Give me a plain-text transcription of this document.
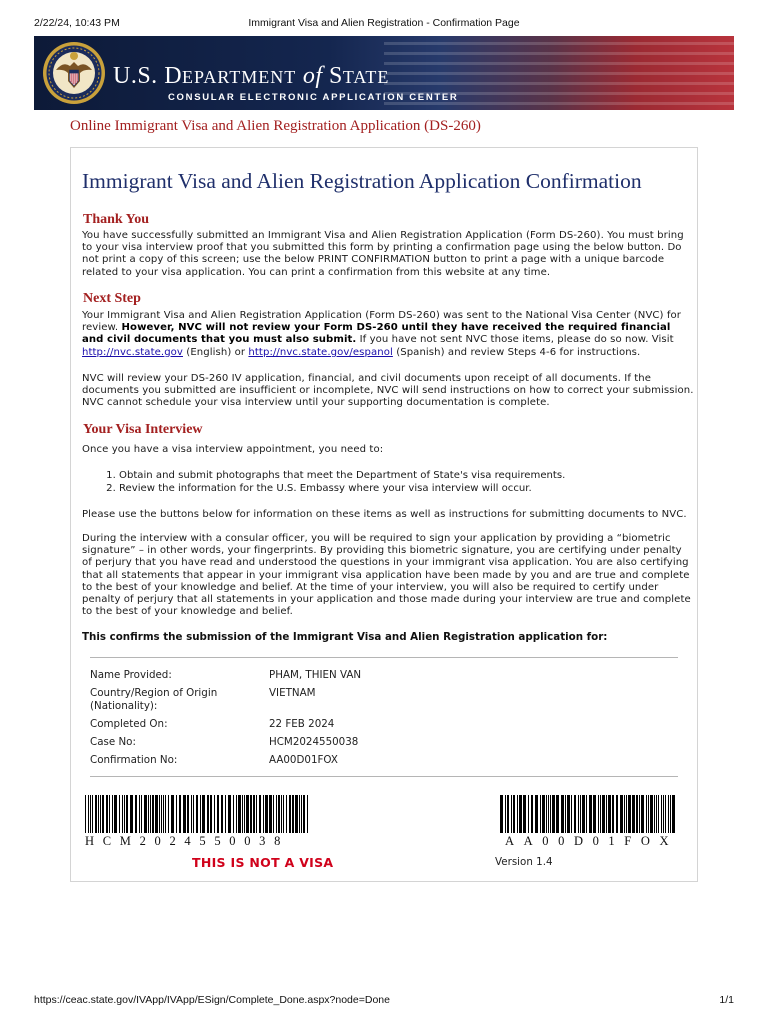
2/22/24, 10:43 PM	Immigrant Visa and Alien Registration - Confirmation Page
U.S. DEPARTMENT of STATE
CONSULAR ELECTRONIC APPLICATION CENTER
Online Immigrant Visa and Alien Registration Application (DS-260)
Immigrant Visa and Alien Registration Application Confirmation
Thank You
You have successfully submitted an Immigrant Visa and Alien Registration Application (Form DS-260). You must bring to your visa interview proof that you submitted this form by printing a confirmation page using the below button. Do not print a copy of this screen; use the below PRINT CONFIRMATION button to print a page with a unique barcode related to your visa application. You can print a confirmation from this website at any time.
Next Step
Your Immigrant Visa and Alien Registration Application (Form DS-260) was sent to the National Visa Center (NVC) for review. However, NVC will not review your Form DS-260 until they have received the required financial and civil documents that you must also submit. If you have not sent NVC those items, please do so now. Visit http://nvc.state.gov (English) or http://nvc.state.gov/espanol (Spanish) and review Steps 4-6 for instructions.
NVC will review your DS-260 IV application, financial, and civil documents upon receipt of all documents. If the documents you submitted are insufficient or incomplete, NVC will send instructions on how to correct your submission. NVC cannot schedule your visa interview until your supporting documentation is complete.
Your Visa Interview
Once you have a visa interview appointment, you need to:
1. Obtain and submit photographs that meet the Department of State's visa requirements.
2. Review the information for the U.S. Embassy where your visa interview will occur.
Please use the buttons below for information on these items as well as instructions for submitting documents to NVC.
During the interview with a consular officer, you will be required to sign your application by providing a “biometric signature” – in other words, your fingerprints. By providing this biometric signature, you are certifying under penalty of perjury that you have read and understood the questions in your immigrant visa application. You are also certifying that all statements that appear in your immigrant visa application have been made by you and are true and complete to the best of your knowledge and belief. At the time of your interview, you will also be required to certify under penalty of perjury that all statements in your application and those made during your interview are true and complete to the best of your knowledge and belief.
This confirms the submission of the Immigrant Visa and Alien Registration application for:
Name Provided:	PHAM, THIEN VAN
Country/Region of Origin (Nationality):
VIETNAM
Completed On:	22 FEB 2024
Case No:	HCM2024550038
Confirmation No:	AA00D01FOX
HCM2024550038	AA00D01FOX
THIS IS NOT A VISA	Version 1.4
https://ceac.state.gov/IVApp/IVApp/ESign/Complete_Done.aspx?node=Done	1/1
